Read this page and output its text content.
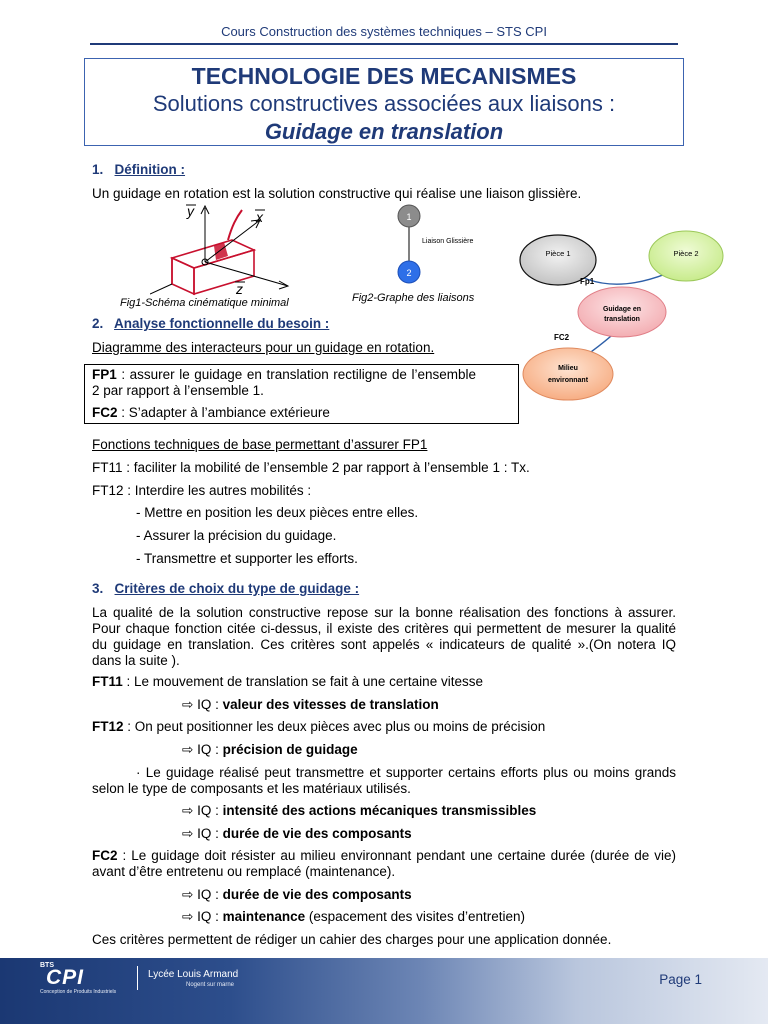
Cours Construction des systèmes techniques – STS CPI
TECHNOLOGIE DES MECANISMES
Solutions constructives associées aux liaisons :
Guidage en translation
1. Définition :
Un guidage en rotation est la solution constructive qui réalise une liaison glissière.
y	x
z
Fig1-Schéma cinématique minimal
1
2
Liaison Glissière
Fig2-Graphe des liaisons
Pièce 1	Pièce 2
Guidage en
translation
Milieu
environnant
Fp1
FC2
2. Analyse fonctionnelle du besoin :
Diagramme des interacteurs pour un guidage en rotation.
FP1 : assurer le guidage en translation rectiligne de l’ensemble 2 par rapport à l’ensemble 1.
FC2 : S’adapter à l’ambiance extérieure
Fonctions techniques de base permettant d’assurer FP1
FT11 : faciliter la mobilité de l’ensemble 2 par rapport à l’ensemble 1 : Tx.
FT12 : Interdire les autres mobilités :
- Mettre en position les deux pièces entre elles.
- Assurer la précision du guidage.
- Transmettre et supporter les efforts.
3. Critères de choix du type de guidage :
La qualité de la solution constructive repose sur la bonne réalisation des fonctions à assurer. Pour chaque fonction citée ci-dessus, il existe des critères qui permettent de mesurer la qualité du guidage en translation. Ces critères sont appelés « indicateurs de qualité ».(On notera IQ dans la suite ).
FT11 : Le mouvement de translation se fait à une certaine vitesse
⇨ IQ : valeur des vitesses de translation
FT12 : On peut positionner les deux pièces avec plus ou moins de précision
⇨ IQ : précision de guidage
· Le guidage réalisé peut transmettre et supporter certains efforts plus ou moins grands selon le type de composants et les matériaux utilisés.
⇨ IQ : intensité des actions mécaniques transmissibles
⇨ IQ : durée de vie des composants
FC2 : Le guidage doit résister au milieu environnant pendant une certaine durée (durée de vie) avant d’être entretenu ou remplacé (maintenance).
⇨ IQ : durée de vie des composants
⇨ IQ : maintenance (espacement des visites d’entretien)
Ces critères permettent de rédiger un cahier des charges pour une application donnée.
BTS
CPI
Conception de Produits Industriels
Lycée Louis Armand
Nogent sur marne	Page 1
